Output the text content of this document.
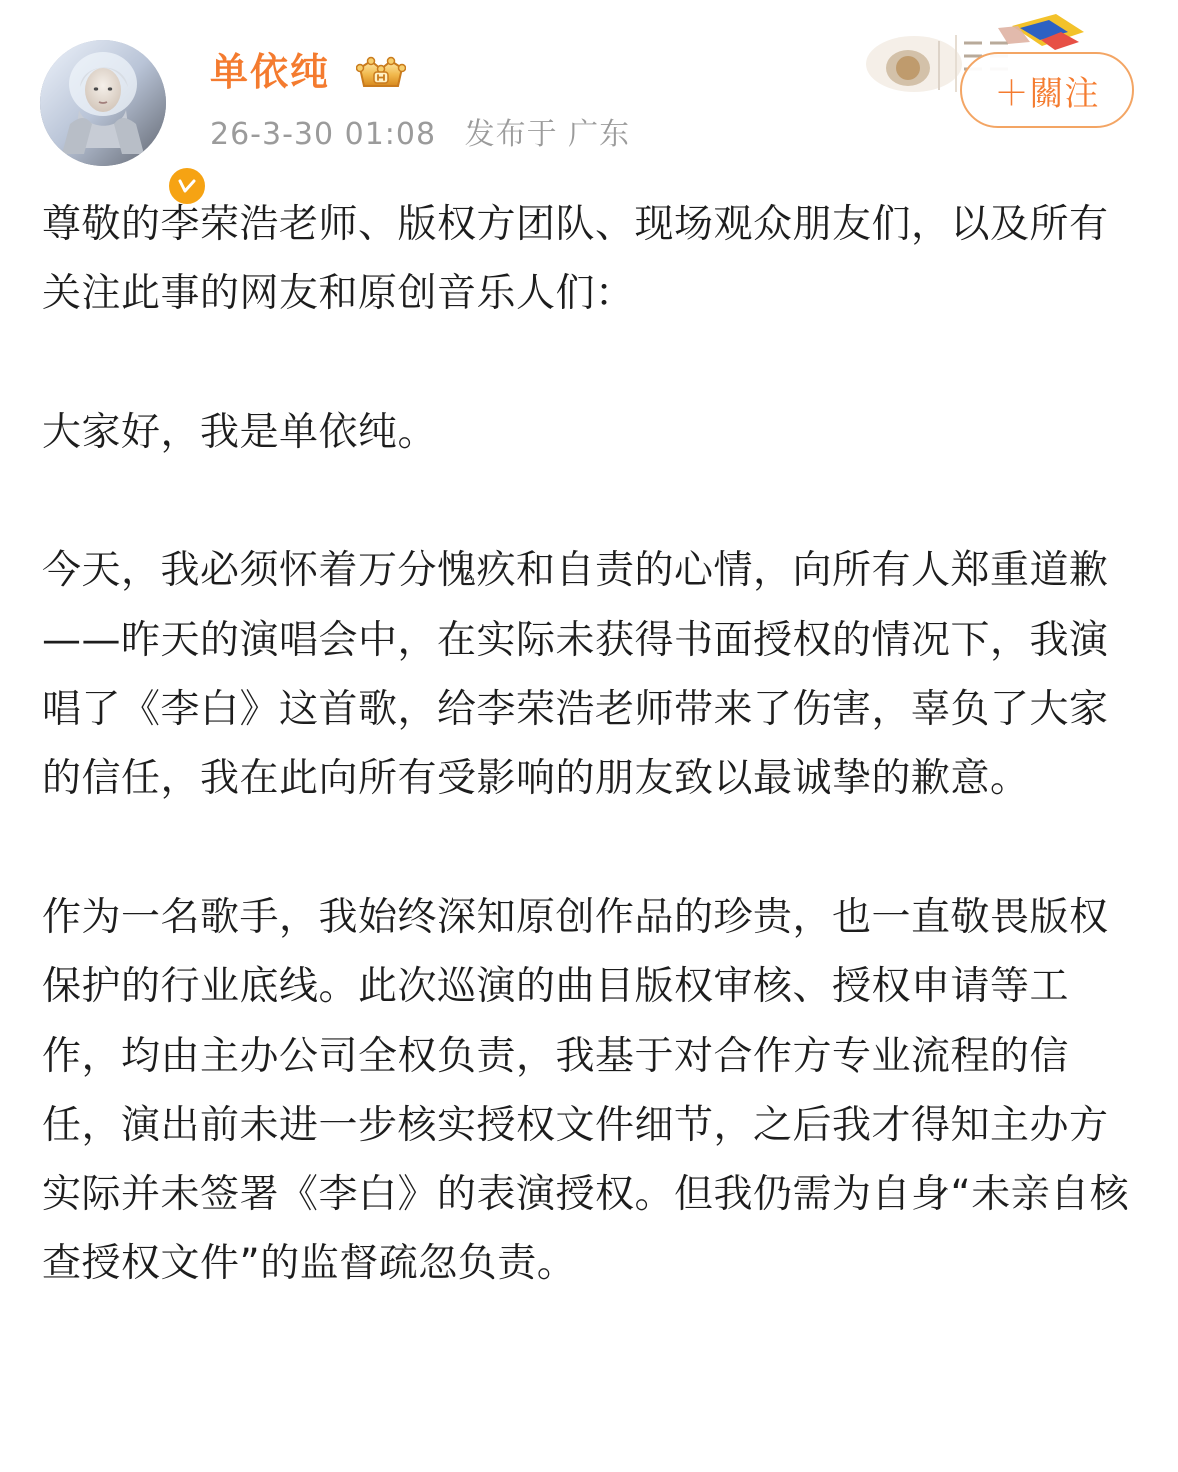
单依纯
26-3-30 01:08 发布于 广东
＋關注

尊敬的李荣浩老师、版权方团队、现场观众朋友们，以及所有关注此事的网友和原创音乐人们：

大家好，我是单依纯。

今天，我必须怀着万分愧疚和自责的心情，向所有人郑重道歉——昨天的演唱会中，在实际未获得书面授权的情况下，我演唱了《李白》这首歌，给李荣浩老师带来了伤害，辜负了大家的信任，我在此向所有受影响的朋友致以最诚挚的歉意。

作为一名歌手，我始终深知原创作品的珍贵，也一直敬畏版权保护的行业底线。此次巡演的曲目版权审核、授权申请等工作，均由主办公司全权负责，我基于对合作方专业流程的信任，演出前未进一步核实授权文件细节，之后我才得知主办方实际并未签署《李白》的表演授权。但我仍需为自身“未亲自核查授权文件”的监督疏忽负责。
